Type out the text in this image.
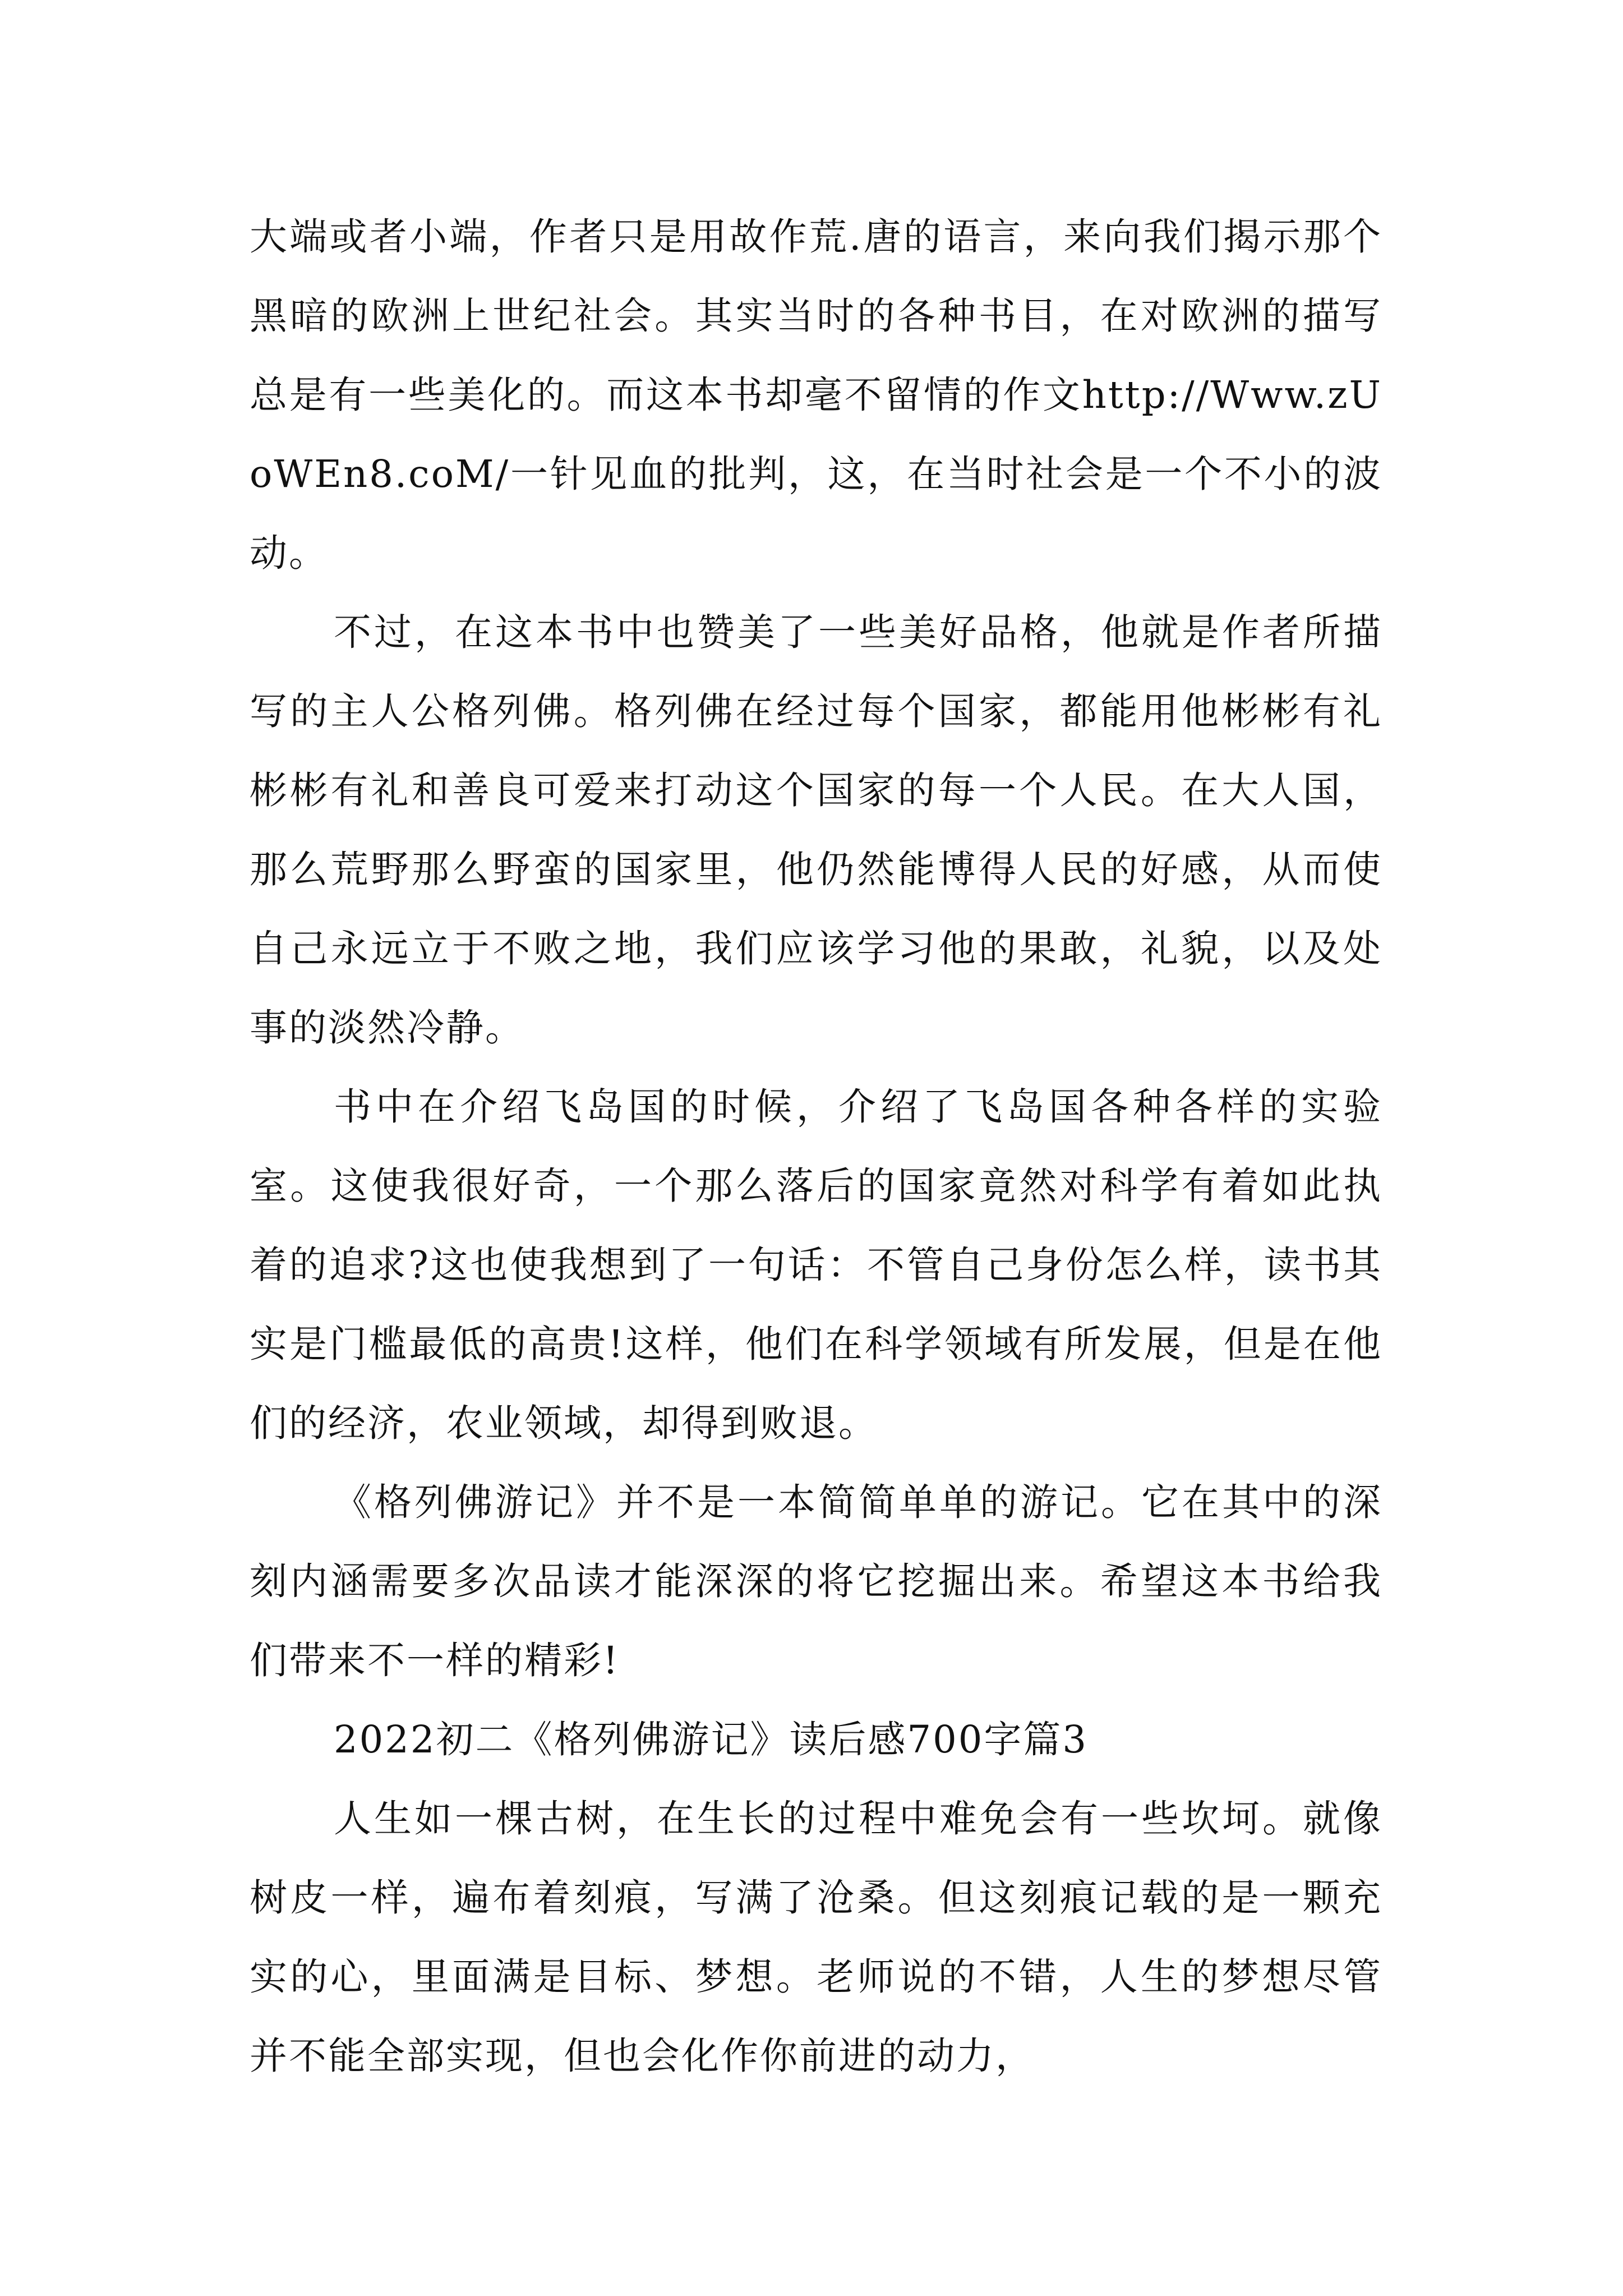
大端或者小端，作者只是用故作荒.唐的语言，来向我们揭示那个黑暗的欧洲上世纪社会。其实当时的各种书目，在对欧洲的描写总是有一些美化的。而这本书却毫不留情的作文http://Www.zUoWEn8.coM/一针见血的批判，这，在当时社会是一个不小的波动。

不过，在这本书中也赞美了一些美好品格，他就是作者所描写的主人公格列佛。格列佛在经过每个国家，都能用他彬彬有礼彬彬有礼和善良可爱来打动这个国家的每一个人民。在大人国，那么荒野那么野蛮的国家里，他仍然能博得人民的好感，从而使自己永远立于不败之地，我们应该学习他的果敢，礼貌，以及处事的淡然冷静。

书中在介绍飞岛国的时候，介绍了飞岛国各种各样的实验室。这使我很好奇，一个那么落后的国家竟然对科学有着如此执着的追求?这也使我想到了一句话：不管自己身份怎么样，读书其实是门槛最低的高贵!这样，他们在科学领域有所发展，但是在他们的经济，农业领域，却得到败退。

《格列佛游记》并不是一本简简单单的游记。它在其中的深刻内涵需要多次品读才能深深的将它挖掘出来。希望这本书给我们带来不一样的精彩!

2022初二《格列佛游记》读后感700字篇3

人生如一棵古树，在生长的过程中难免会有一些坎坷。就像树皮一样，遍布着刻痕，写满了沧桑。但这刻痕记载的是一颗充实的心，里面满是目标、梦想。老师说的不错，人生的梦想尽管并不能全部实现，但也会化作你前进的动力，
